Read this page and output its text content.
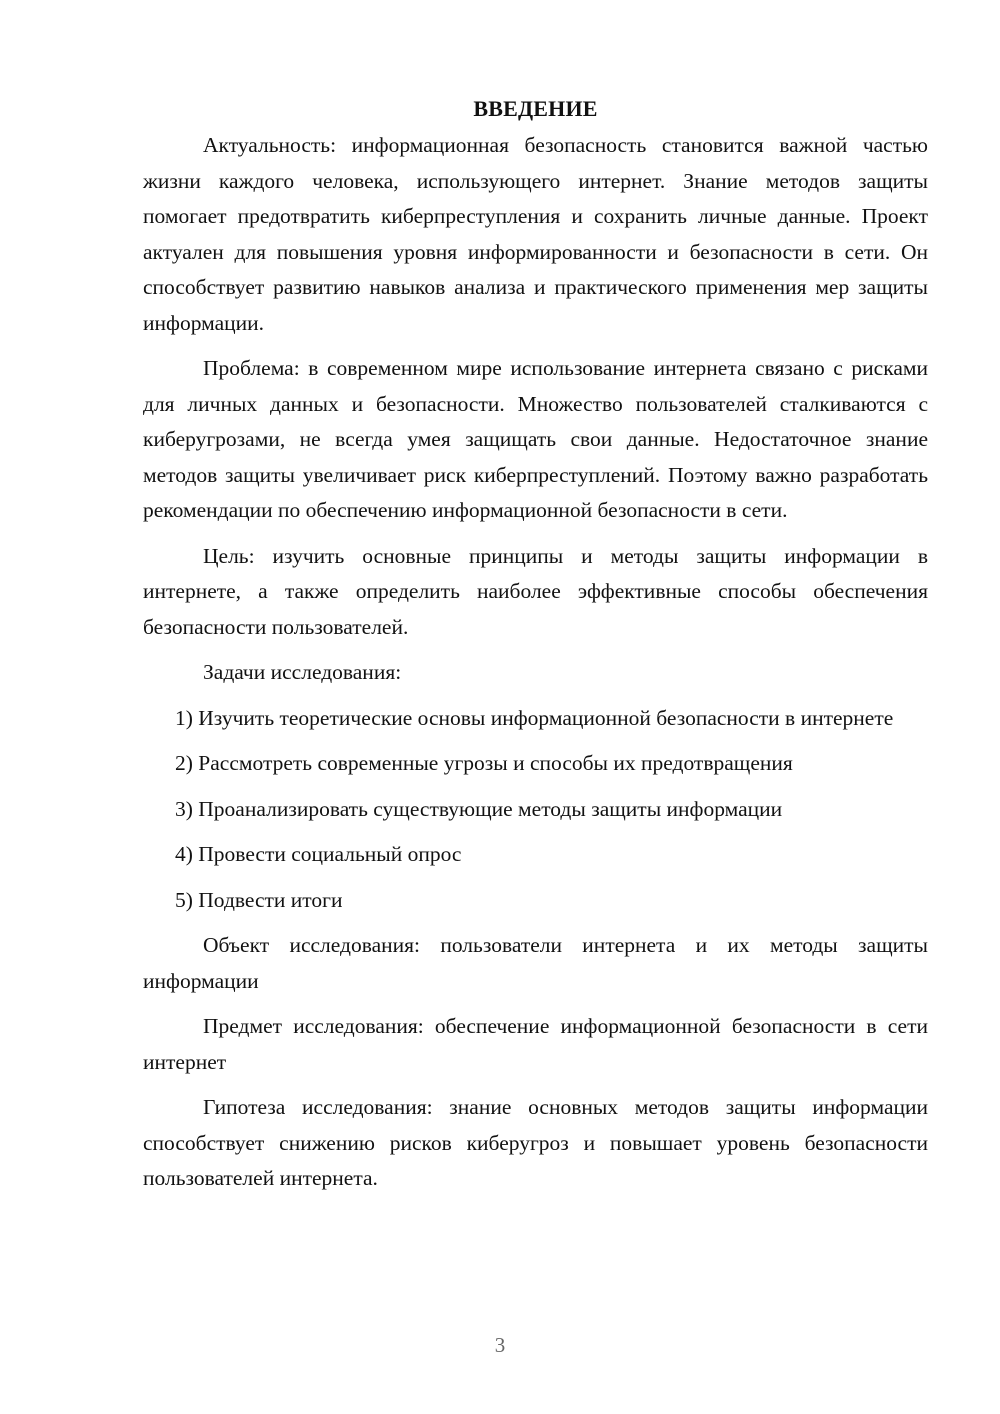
ВВЕДЕНИЕ

Актуальность: информационная безопасность становится важной частью жизни каждого человека, использующего интернет. Знание методов защиты помогает предотвратить киберпреступления и сохранить личные данные. Проект актуален для повышения уровня информированности и безопасности в сети. Он способствует развитию навыков анализа и практического применения мер защиты информации.

Проблема: в современном мире использование интернета связано с рисками для личных данных и безопасности. Множество пользователей сталкиваются с киберугрозами, не всегда умея защищать свои данные. Недостаточное знание методов защиты увеличивает риск киберпреступлений. Поэтому важно разработать рекомендации по обеспечению информационной безопасности в сети.

Цель: изучить основные принципы и методы защиты информации в интернете, а также определить наиболее эффективные способы обеспечения безопасности пользователей.

Задачи исследования:

1) Изучить теоретические основы информационной безопасности в интернете

2) Рассмотреть современные угрозы и способы их предотвращения

3) Проанализировать существующие методы защиты информации

4) Провести социальный опрос

5) Подвести итоги

Объект исследования: пользователи интернета и их методы защиты информации

Предмет исследования: обеспечение информационной безопасности в сети интернет

Гипотеза исследования: знание основных методов защиты информации способствует снижению рисков киберугроз и повышает уровень безопасности пользователей интернета.

3
